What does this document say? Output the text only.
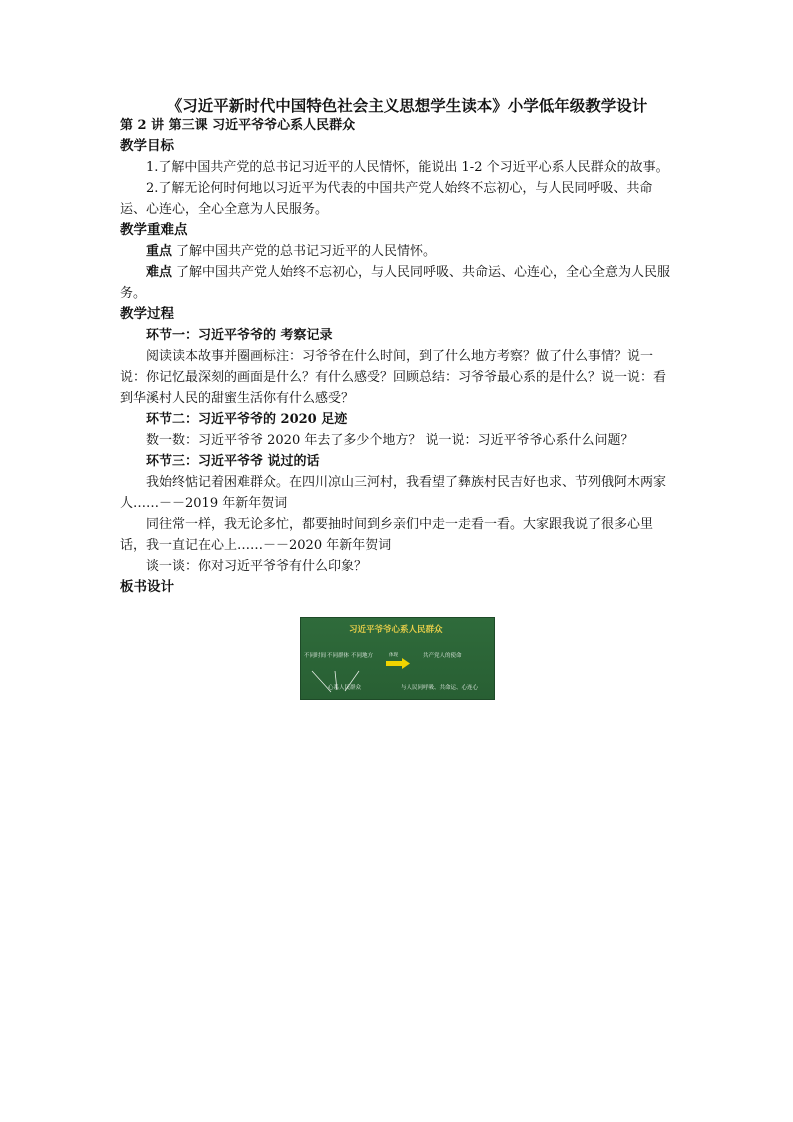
《习近平新时代中国特色社会主义思想学生读本》小学低年级教学设计
第 2 讲 第三课 习近平爷爷心系人民群众
教学目标

1.了解中国共产党的总书记习近平的人民情怀，能说出 1-2 个习近平心系人民群众的故事。

2.了解无论何时何地以习近平为代表的中国共产党人始终不忘初心，与人民同呼吸、共命运、心连心，全心全意为人民服务。

教学重难点

重点 了解中国共产党的总书记习近平的人民情怀。

难点 了解中国共产党人始终不忘初心，与人民同呼吸、共命运、心连心，全心全意为人民服务。

教学过程
环节一：习近平爷爷的 考察记录

阅读读本故事并圈画标注：习爷爷在什么时间，到了什么地方考察？做了什么事情？说一说：你记忆最深刻的画面是什么？有什么感受？回顾总结：习爷爷最心系的是什么？说一说：看到华溪村人民的甜蜜生活你有什么感受？

环节二：习近平爷爷的 2020 足迹

数一数：习近平爷爷 2020 年去了多少个地方？ 说一说：习近平爷爷心系什么问题？

环节三：习近平爷爷 说过的话

我始终惦记着困难群众。在四川凉山三河村，我看望了彝族村民吉好也求、节列俄阿木两家人……－－2019 年新年贺词

同往常一样，我无论多忙，都要抽时间到乡亲们中走一走看一看。大家跟我说了很多心里话，我一直记在心上……－－2020 年新年贺词

谈一谈：你对习近平爷爷有什么印象？

板书设计
习近平爷爷心系人民群众
不同时间 不同群体 不同地方
心系人民群众
体现	共产党人的使命
与人民同呼吸、共命运、心连心
